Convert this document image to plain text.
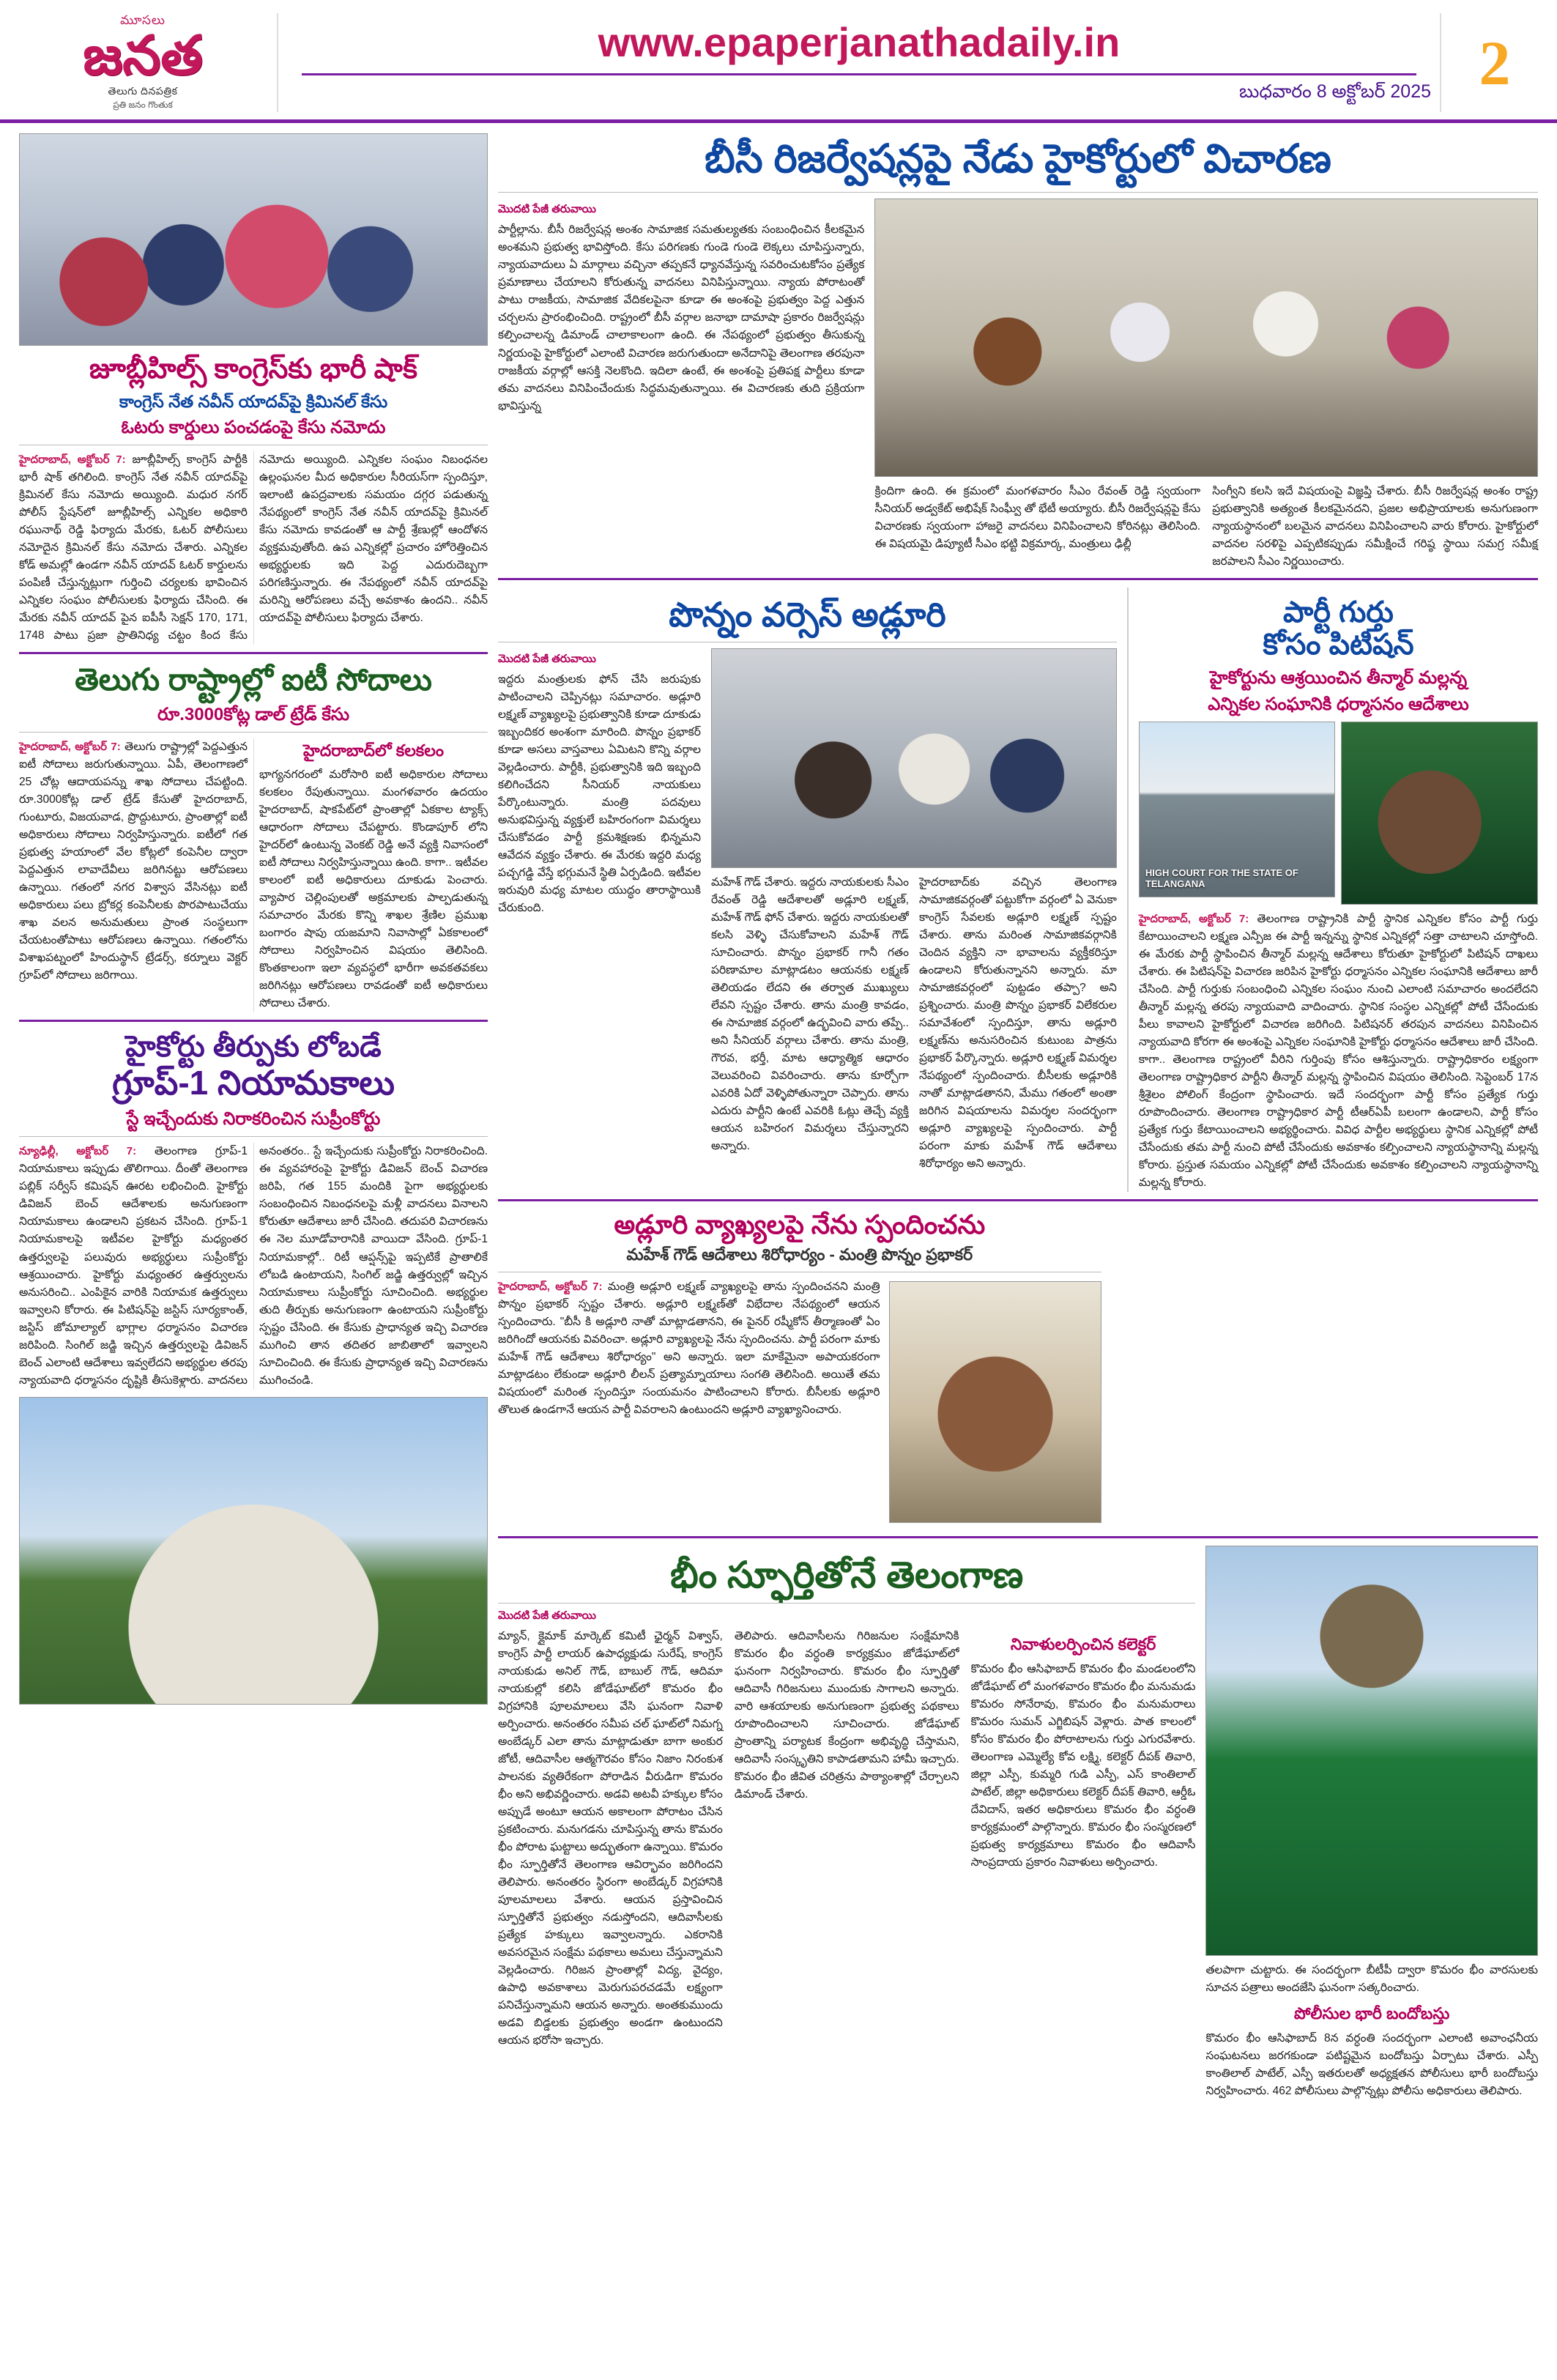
మూసలు
జనత
తెలుగు దినపత్రిక
ప్రతి జనం గొంతుక
www.epaperjanathadaily.in
బుధవారం 8 అక్టోబర్ 2025 2
జూబ్లీహిల్స్ కాంగ్రెస్‌కు భారీ షాక్
కాంగ్రెస్ నేత నవీన్ యాదవ్‌పై క్రిమినల్ కేసు
ఓటరు కార్డులు పంచడంపై కేసు నమోదు
హైదరాబాద్, అక్టోబర్ 7: జూబ్లీహిల్స్ కాంగ్రెస్ పార్టీకి భారీ షాక్ తగిలింది. కాంగ్రెస్ నేత నవీన్ యాదవ్‌పై క్రిమినల్ కేసు నమోదు అయ్యింది. మధుర నగర్ పోలీస్ స్టేషన్‌లో జూబ్లీహిల్స్ ఎన్నికల అధికారి రఘునాథ్ రెడ్డి ఫిర్యాదు మేరకు, ఓటర్ పోలీసులు నమోదైన క్రిమినల్ కేసు నమోదు చేశారు. ఎన్నికల కోడ్ అమల్లో ఉండగా నవీన్ యాదవ్ ఓటర్ కార్డులను పంపిణీ చేస్తున్నట్లుగా గుర్తించి చర్యలకు భావించిన ఎన్నికల సంఘం పోలీసులకు ఫిర్యాదు చేసింది. ఈ మేరకు నవీన్ యాదవ్ పైన ఐపీసీ సెక్షన్ 170, 171, 1748 పాటు ప్రజా ప్రాతినిధ్య చట్టం కింద కేసు నమోదు అయ్యింది. ఎన్నికల సంఘం నిబంధనల ఉల్లంఘనల మీద అధికారుల సీరియస్‌గా స్పందిస్తూ, ఇలాంటి ఉపద్రవాలకు సమయం దగ్గర పడుతున్న నేపథ్యంలో కాంగ్రెస్ నేత నవీన్ యాదవ్‌పై క్రిమినల్ కేసు నమోదు కావడంతో ఆ పార్టీ శ్రేణుల్లో ఆందోళన వ్యక్తమవుతోంది. ఉప ఎన్నికల్లో ప్రచారం హోరెత్తించిన అభ్యర్థులకు ఇది పెద్ద ఎదురుదెబ్బగా పరిగణిస్తున్నారు. ఈ నేపథ్యంలో నవీన్ యాదవ్‌పై మరిన్ని ఆరోపణలు వచ్చే అవకాశం ఉందని.. నవీన్ యాదవ్‌పై పోలీసులు ఫిర్యాదు చేశారు.
తెలుగు రాష్ట్రాల్లో ఐటీ సోదాలు
రూ.3000కోట్ల డాల్ ట్రేడ్ కేసు
హైదరాబాద్, అక్టోబర్ 7: తెలుగు రాష్ట్రాల్లో పెద్దఎత్తున ఐటీ సోదాలు జరుగుతున్నాయి. ఏపీ, తెలంగాణలో 25 చోట్ల ఆదాయపన్ను శాఖ సోదాలు చేపట్టింది. రూ.3000కోట్ల డాల్ ట్రేడ్ కేసుతో హైదరాబాద్, గుంటూరు, విజయవాడ, ప్రొద్దుటూరు, ప్రాంతాల్లో ఐటీ అధికారులు సోదాలు నిర్వహిస్తున్నారు. ఐటీలో గత ప్రభుత్వ హయాంలో వేల కోట్లలో కంపెనీల ద్వారా పెద్దఎత్తున లావాదేవీలు జరిగినట్టు ఆరోపణలు ఉన్నాయి. గతంలో నగర విశ్వాస వేసినట్లు ఐటీ అధికారులు పలు బ్రోకర్ల కంపెనీలకు పొరపాటుచేయు శాఖ వలన అనుమతులు ప్రాంత సంస్థలుగా చేయటంతోపాటు ఆరోపణలు ఉన్నాయి. గతంలోను విశాఖపట్నంలో హిందుస్థాన్ ట్రేడర్స్, కర్నూలు వెక్టర్ గ్రూప్‌లో సోదాలు జరిగాయి.
హైదరాబాద్‌లో కలకలం
భాగ్యనగరంలో మరోసారి ఐటీ అధికారుల సోదాలు కలకలం రేపుతున్నాయి. మంగళవారం ఉదయం హైదరాబాద్, షాకపేట్‌లో ప్రాంతాల్లో ఏకకాల ట్యాక్స్ ఆధారంగా సోదాలు చేపట్టారు. కొండాపూర్ లోని హైదర్‌లో ఉంటున్న వెంకట్ రెడ్డి అనే వ్యక్తి నివాసంలో ఐటీ సోదాలు నిర్వహిస్తున్నాయి ఉంది. కాగా.. ఇటీవల కాలంలో ఐటీ అధికారులు దూకుడు పెంచారు. వ్యాపార చెల్లింపులతో అక్రమాలకు పాల్పడుతున్న సమాచారం మేరకు కొన్ని శాఖల శ్రేణిల ప్రముఖ బంగారం షాపు యజమాని నివాసాల్లో ఏకకాలంలో సోదాలు నిర్వహించిన విషయం తెలిసింది. కొంతకాలంగా ఇలా వ్యవస్థలో భారీగా అవకతవకలు జరిగినట్లు ఆరోపణలు రావడంతో ఐటీ అధికారులు సోదాలు చేశారు.
హైకోర్టు తీర్పుకు లోబడే
గ్రూప్-1 నియామకాలు
స్టే ఇచ్చేందుకు నిరాకరించిన సుప్రీంకోర్టు
న్యూఢిల్లీ, అక్టోబర్ 7: తెలంగాణ గ్రూప్-1 నియామకాలు ఇప్పుడు తొలిగాయి. దీంతో తెలంగాణ పబ్లిక్ సర్వీస్ కమిషన్ ఊరట లభించింది. హైకోర్టు డివిజన్ బెంచ్ ఆదేశాలకు అనుగుణంగా నియామకాలు ఉండాలని ప్రకటన చేసింది. గ్రూప్-1 నియామకాలపై ఇటీవల హైకోర్టు మధ్యంతర ఉత్తర్వులపై పలువురు అభ్యర్థులు సుప్రీంకోర్టు ఆశ్రయించారు. హైకోర్టు మధ్యంతర ఉత్తర్వులను అనుసరించి.. ఎంపికైన వారికి నియామక ఉత్తర్వులు ఇవ్వాలని కోరారు. ఈ పిటిషన్‌పై జస్టిస్ సూర్యకాంత్, జస్టిస్ జోమాల్యాల్ భాగ్లాల ధర్మాసనం విచారణ జరిపింది. సింగిల్ జడ్జి ఇచ్చిన ఉత్తర్వులపై డివిజన్ బెంచ్ ఎలాంటి ఆదేశాలు ఇవ్వలేదని అభ్యర్థుల తరపు న్యాయవాది ధర్మాసనం దృష్టికి తీసుకెళ్లారు. వాదనలు అనంతరం.. స్టే ఇచ్చేందుకు సుప్రీంకోర్టు నిరాకరించింది. ఈ వ్యవహారంపై హైకోర్టు డివిజన్ బెంచ్ విచారణ జరిపి, గత 155 మందికి పైగా అభ్యర్థులకు సంబంధించిన నిబంధనలపై మళ్లీ వాదనలు వినాలని కోరుతూ ఆదేశాలు జారీ చేసింది. తదుపరి విచారణను ఈ నెల మూడోవారానికి వాయిదా వేసింది. గ్రూప్-1 నియామకాల్లో.. రిటీ ఆప్షన్స్‌పై ఇప్పటికే ప్రాతాలికే లోబడి ఉంటాయని, సింగిల్ జడ్జి ఉత్తర్వుల్లో ఇచ్చిన నియామకాలు సుప్రీంకోర్టు సూచించింది. అభ్యర్థుల తుది తీర్పుకు అనుగుణంగా ఉంటాయని సుప్రీంకోర్టు స్పష్టం చేసింది. ఈ కేసుకు ప్రాధాన్యత ఇచ్చి విచారణ ముగించి తాన తదితర జాబితాలో ఇవ్వాలని సూచించింది. ఈ కేసుకు ప్రాధాన్యత ఇచ్చి విచారణను ముగించండి.
బీసీ రిజర్వేషన్లపై నేడు హైకోర్టులో విచారణ
మొదటి పేజీ తరువాయి
పార్టీల్లాను. బీసీ రిజర్వేషన్ల అంశం సామాజిక సమతుల్యతకు సంబంధించిన కీలకమైన అంశమని ప్రభుత్వ భావిస్తోంది. కేసు పరిగణకు గుండె గుండె లెక్కలు చూపిస్తున్నారు, న్యాయవాదులు ఏ మార్గాలు వచ్చినా తప్పకనే ధ్యానవేస్తున్న సవరించుటకోసం ప్రత్యేక ప్రమాణాలు చేయాలని కోరుతున్న వాదనలు వినిపిస్తున్నాయి. న్యాయ పోరాటంతో పాటు రాజకీయ, సామాజిక వేదికలపైనా కూడా ఈ అంశంపై ప్రభుత్వం పెద్ద ఎత్తున చర్చలను ప్రారంభించింది. రాష్ట్రంలో బీసీ వర్గాల జనాభా దామాషా ప్రకారం రిజర్వేషన్లు కల్పించాలన్న డిమాండ్ చాలాకాలంగా ఉంది. ఈ నేపథ్యంలో ప్రభుత్వం తీసుకున్న నిర్ణయంపై హైకోర్టులో ఎలాంటి విచారణ జరుగుతుందా అనేదానిపై తెలంగాణ తరపునా రాజకీయ వర్గాల్లో ఆసక్తి నెలకొంది. ఇదిలా ఉంటే, ఈ అంశంపై ప్రతిపక్ష పార్టీలు కూడా తమ వాదనలు వినిపించేందుకు సిద్ధమవుతున్నాయి. ఈ విచారణకు తుది ప్రక్రియగా భావిస్తున్న
క్రిందిగా ఉంది. ఈ క్రమంలో మంగళవారం సీఎం రేవంత్ రెడ్డి స్వయంగా సీనియర్ అడ్వకేట్ అభిషేక్ సింఘ్వీ తో భేటీ అయ్యారు. బీసీ రిజర్వేషన్లపై కేసు విచారణకు స్వయంగా హాజరై వాదనలు వినిపించాలని కోరినట్లు తెలిసింది. ఈ విషయమై డిప్యూటీ సీఎం భట్టి విక్రమార్క, మంత్రులు ఢిల్లీ
సింగ్వీని కలసి ఇదే విషయంపై విజ్ఞప్తి చేశారు. బీసీ రిజర్వేషన్ల అంశం రాష్ట్ర ప్రభుత్వానికి అత్యంత కీలకమైనదని, ప్రజల అభిప్రాయాలకు అనుగుణంగా న్యాయస్థానంలో బలమైన వాదనలు వినిపించాలని వారు కోరారు. హైకోర్టులో వాదనల సరళిపై ఎప్పటికప్పుడు సమీక్షించే గరిష్ఠ స్థాయి సమగ్ర సమీక్ష జరపాలని సీఎం నిర్ణయించారు.
పొన్నం వర్సెస్ అడ్లూరి
మొదటి పేజీ తరువాయి
ఇద్దరు మంత్రులకు ఫోన్ చేసి జరుపుకు పాటించాలని చెప్పినట్లు సమాచారం. అడ్లూరి లక్ష్మణ్ వ్యాఖ్యలపై ప్రభుత్వానికి కూడా దూకుడు ఇబ్బందికర అంశంగా మారింది. పొన్నం ప్రభాకర్ కూడా అసలు వాస్తవాలు ఏమిటని కొన్ని వర్గాల వెల్లడించారు. పార్టీకి, ప్రభుత్వానికి ఇది ఇబ్బంది కలిగించేదని సీనియర్ నాయకులు పేర్కొంటున్నారు. మంత్రి పదవులు అనుభవిస్తున్న వ్యక్తులే బహిరంగంగా విమర్శలు చేసుకోవడం పార్టీ క్రమశిక్షణకు భిన్నమని ఆవేదన వ్యక్తం చేశారు. ఈ మేరకు ఇద్దరి మధ్య పచ్చగడ్డి వేస్తే భగ్గుమనే స్థితి ఏర్పడింది. ఇటీవల ఇరువురి మధ్య మాటల యుద్ధం తారాస్థాయికి చేరుకుంది.
మహేశ్ గౌడ్ చేశారు. ఇద్దరు నాయకులకు సీఎం రేవంత్ రెడ్డి ఆదేశాలతో అడ్లూరి లక్ష్మణ్, మహేశ్ గౌడ్ ఫోన్ చేశారు. ఇద్దరు నాయకులతో కలసి వెళ్ళి చేసుకోవాలని మహేశ్ గౌడ్ సూచించారు. పొన్నం ప్రభాకర్ గానీ గతం పరిణామాల మాట్లాడటం ఆయనకు లక్ష్మణ్ తెలియడం లేదని ఈ తర్వాత ముఖ్యులు లేవని స్పష్టం చేశారు. తాను మంత్రి కావడం, ఈ సామాజిక వర్గంలో ఉద్భవించి వారు తప్పే.. అని సీనియర్ వర్గాలు చేశారు. తాను మంత్రి, గౌరవ, భర్తీ, మాట ఆధ్యాత్మిక ఆధారం వెలువరించి వివరించారు. తాను కూర్చోగా ఎవరికి ఏదో వెళ్ళిపోతున్నారా చెప్పారు. తాను ఎదురు పార్టీని ఉంటే ఎవరికి ఓట్లు తెచ్చే వ్యక్తి ఆయన బహిరంగ విమర్శలు చేస్తున్నారని అన్నారు.
హైదరాబాద్‌కు వచ్చిన తెలంగాణ సామాజికవర్గంతో పట్టుకోగా వర్గంలో ఏ వెనుకా కాంగ్రెస్ సేవలకు అడ్లూరి లక్ష్మణ్ స్పష్టం చేశారు. తాను మరింత సామాజికవర్గానికి చెందిన వ్యక్తిని నా భావాలను వ్యక్తీకరిస్తూ ఉండాలని కోరుతున్నానని అన్నారు. మా సామాజికవర్గంలో పుట్టడం తప్పా? అని ప్రశ్నించారు. మంత్రి పొన్నం ప్రభాకర్ విలేకరుల సమావేశంలో స్పందిస్తూ, తాను అడ్లూరి లక్ష్మణ్‌ను అనుసరించిన కుటుంబ పాత్రను ప్రభాకర్ పేర్కొన్నారు. అడ్లూరి లక్ష్మణ్ విమర్శల నేపథ్యంలో స్పందించారు. బీసీలకు అడ్లూరికి నాతో మాట్లాడతానని, మేము గతంలో అంతా జరిగిన విషయాలను విమర్శల సందర్భంగా అడ్లూరి వ్యాఖ్యలపై స్పందించారు. పార్టీ పరంగా మాకు మహేశ్ గౌడ్ ఆదేశాలు శిరోధార్యం అని అన్నారు.
పార్టీ గుర్తు
కోసం పిటిషన్
హైకోర్టును ఆశ్రయించిన తీన్మార్ మల్లన్న
ఎన్నికల సంఘానికి ధర్మాసనం ఆదేశాలు
HIGH COURT FOR THE STATE OF TELANGANA
హైదరాబాద్, అక్టోబర్ 7: తెలంగాణ రాష్ట్రానికి పార్టీ స్థానిక ఎన్నికల కోసం పార్టీ గుర్తు కేటాయించాలని లక్ష్మణ ఎన్పీజ ఈ పార్టీ ఇన్నన్ను స్థానిక ఎన్నికల్లో సత్తా చాటాలని చూస్తోంది. ఈ మేరకు పార్టీ స్థాపించిన తీన్మార్ మల్లన్న ఆదేశాలు కోరుతూ హైకోర్టులో పిటిషన్ దాఖలు చేశారు. ఈ పిటిషన్‌పై విచారణ జరిపిన హైకోర్టు ధర్మాసనం ఎన్నికల సంఘానికి ఆదేశాలు జారీ చేసింది. పార్టీ గుర్తుకు సంబంధించి ఎన్నికల సంఘం నుంచి ఎలాంటి సమాచారం అందలేదని తీన్మార్ మల్లన్న తరపు న్యాయవాది వాదించారు. స్థానిక సంస్థల ఎన్నికల్లో పోటీ చేసేందుకు పీలు కావాలని హైకోర్టులో విచారణ జరిగింది. పిటిషనర్ తరపున వాదనలు వినిపించిన న్యాయవాది కోరగా ఈ అంశంపై ఎన్నికల సంఘానికి హైకోర్టు ధర్మాసనం ఆదేశాలు జారీ చేసింది. కాగా.. తెలంగాణ రాష్ట్రంలో వీరిని గుర్తింపు కోసం ఆశిస్తున్నారు. రాష్ట్రాధికారం లక్ష్యంగా తెలంగాణ రాష్ట్రాధికార పార్టీని తీన్మార్ మల్లన్న స్థాపించిన విషయం తెలిసింది. సెప్టెంబర్ 17న శ్రీశైలం పోలింగ్ కేంద్రంగా స్థాపించారు. ఇదే సందర్భంగా పార్టీ కోసం ప్రత్యేక గుర్తు రూపొందించారు. తెలంగాణ రాష్ట్రాధికార పార్టీ టీఆర్ఏపీ బలంగా ఉండాలని, పార్టీ కోసం ప్రత్యేక గుర్తు కేటాయించాలని అభ్యర్థించారు. వివిధ పార్టీల అభ్యర్థులు స్థానిక ఎన్నికల్లో పోటీ చేసేందుకు తమ పార్టీ నుంచి పోటీ చేసేందుకు అవకాశం కల్పించాలని న్యాయస్థానాన్ని మల్లన్న కోరారు. ప్రస్తుత సమయం ఎన్నికల్లో పోటీ చేసేందుకు అవకాశం కల్పించాలని న్యాయస్థానాన్ని మల్లన్న కోరారు.
అడ్లూరి వ్యాఖ్యలపై నేను స్పందించను
మహేశ్ గౌడ్ ఆదేశాలు శిరోధార్యం - మంత్రి పొన్నం ప్రభాకర్
హైదరాబాద్, అక్టోబర్ 7: మంత్రి అడ్లూరి లక్ష్మణ్ వ్యాఖ్యలపై తాను స్పందించనని మంత్రి పొన్నం ప్రభాకర్ స్పష్టం చేశారు. అడ్లూరి లక్ష్మణ్‌తో విభేదాల నేపథ్యంలో ఆయన స్పందించారు. "బీసీ కి అడ్లూరి నాతో మాట్లాడతానని, ఈ పైనర్ రష్మీకోన్ తీర్మాణంతో ఏం జరిగిందో ఆయనకు వివరించా. అడ్లూరి వ్యాఖ్యలపై నేను స్పందించను. పార్టీ పరంగా మాకు మహేశ్ గౌడ్ ఆదేశాలు శిరోధార్యం" అని అన్నారు. ఇలా మాకేమైనా అపాయకరంగా మాట్లాడటం లేకుండా అడ్లూరి లీలన్ ప్రత్యామ్నాయాలు సంగతి తెలిసింది. అయితే తమ విషయంలో మరింత స్పందిస్తూ సంయమనం పాటించాలని కోరారు. బీసీలకు అడ్లూరి తొలుత ఉండగానే ఆయన పార్టీ వివరాలని ఉంటుందని అడ్లూరి వ్యాఖ్యానించారు.
భీం స్ఫూర్తితోనే తెలంగాణ
మొదటి పేజీ తరువాయి
మ్యాన్, క్లైమాక్ మార్కెట్ కమిటీ ఛైర్మన్ విశ్వాస్, కాంగ్రెస్ పార్టీ లాయర్ ఉపాధ్యక్షుడు సురేష్, కాంగ్రెస్ నాయకుడు అనిల్ గౌడ్, బాబుల్ గౌడ్, ఆదిమా నాయకుల్లో కలిసి జోడేఘాట్‌లో కొమరం భీం విగ్రహానికి పూలమాలలు వేసి ఘనంగా నివాళి అర్పించారు. అనంతరం సమీప చల్ ఘాట్‌లో నిమగ్న అంబేడ్కర్ ఎలా తాను మాట్లాడుతూ బాగా అంకుర జోటీ, ఆదివాసీల ఆత్మగౌరవం కోసం నిజాం నిరంకుశ పాలనకు వ్యతిరేకంగా పోరాడిన వీరుడిగా కొమరం భీం అని అభివర్ణించారు. అడవి అటవీ హక్కుల కోసం అప్పుడే అంటూ ఆయన అకాలంగా పోరాటం చేసిన ప్రకటించారు. మనుగడను చూపిస్తున్న తాను కొమరం భీం పోరాట ఘట్టాలు అద్భుతంగా ఉన్నాయి. కొమరం భీం స్ఫూర్తితోనే తెలంగాణ ఆవిర్భావం జరిగిందని తెలిపారు. అనంతరం స్థిరంగా అంబేడ్కర్ విగ్రహానికి పూలమాలలు వేశారు. ఆయన ప్రస్తావించిన స్ఫూర్తితోనే ప్రభుత్వం నడుస్తోందని, ఆదివాసీలకు ప్రత్యేక హక్కులు ఇవ్వాలన్నారు. ఎకరానికి అవసరమైన సంక్షేమ పథకాలు అమలు చేస్తున్నామని వెల్లడించారు. గిరిజన ప్రాంతాల్లో విద్య, వైద్యం, ఉపాధి అవకాశాలు మెరుగుపరచడమే లక్ష్యంగా పనిచేస్తున్నామని ఆయన అన్నారు. అంతకుముందు అడవి బిడ్డలకు ప్రభుత్వం అండగా ఉంటుందని ఆయన భరోసా ఇచ్చారు.
తెలిపారు. ఆదివాసీలను గిరిజనుల సంక్షేమానికి కొమరం భీం వర్ధంతి కార్యక్రమం జోడేఘాట్‌లో ఘనంగా నిర్వహించారు. కొమరం భీం స్ఫూర్తితో ఆదివాసీ గిరిజనులు ముందుకు సాగాలని అన్నారు. వారి ఆశయాలకు అనుగుణంగా ప్రభుత్వ పథకాలు రూపొందించాలని సూచించారు. జోడేఘాట్ ప్రాంతాన్ని పర్యాటక కేంద్రంగా అభివృద్ధి చేస్తామని, ఆదివాసీ సంస్కృతిని కాపాడతామని హామీ ఇచ్చారు. కొమరం భీం జీవిత చరిత్రను పాఠ్యాంశాల్లో చేర్చాలని డిమాండ్ చేశారు.
నివాళులర్పించిన కలెక్టర్
కొమరం భీం ఆసిఫాబాద్ కొమరం భీం మండలంలోని జోడేఘాట్ లో మంగళవారం కొమరం భీం మనుమడు కొమరం సోనేరావు, కొమరం భీం మనుమరాలు కొమరం సుమన్ ఎగ్జిబిషన్ వెళ్లారు. పాత కాలంలో కోసం కొమరం భీం పోరాటాలను గుర్తు ఎగురవేశారు. తెలంగాణ ఎమ్మెల్యే కోవ లక్ష్మి, కలెక్టర్ దీపక్ తివారి, జిల్లా ఎస్పీ, కుమ్మరి గుడి ఎస్పీ, ఎస్ కాంతిలాల్ పాటేల్, జిల్లా అధికారులు కలెక్టర్ దీపక్ తివారి, ఆర్డీఓ దేవిదాస్, ఇతర అధికారులు కొమరం భీం వర్ధంతి కార్యక్రమంలో పాల్గొన్నారు. కొమరం భీం సంస్మరణలో ప్రభుత్వ కార్యక్రమాలు కొమరం భీం ఆదివాసీ సాంప్రదాయ ప్రకారం నివాళులు అర్పించారు.
తలపాగా చుట్టారు. ఈ సందర్భంగా బీటీపీ ద్వారా కొమరం భీం వారసులకు సూచన పత్రాలు అందజేసి ఘనంగా సత్కరించారు.
పోలీసుల భారీ బందోబస్తు
కొమరం భీం ఆసిఫాబాద్ 8న వర్ధంతి సందర్భంగా ఎలాంటి అవాంఛనీయ సంఘటనలు జరగకుండా పటిష్టమైన బందోబస్తు ఏర్పాటు చేశారు. ఎస్పీ కాంతిలాల్ పాటేల్, ఎస్పీ ఇతరులతో అధ్యక్షతన పోలీసులు భారీ బందోబస్తు నిర్వహించారు. 462 పోలీసులు పాల్గొన్నట్లు పోలీసు అధికారులు తెలిపారు.
